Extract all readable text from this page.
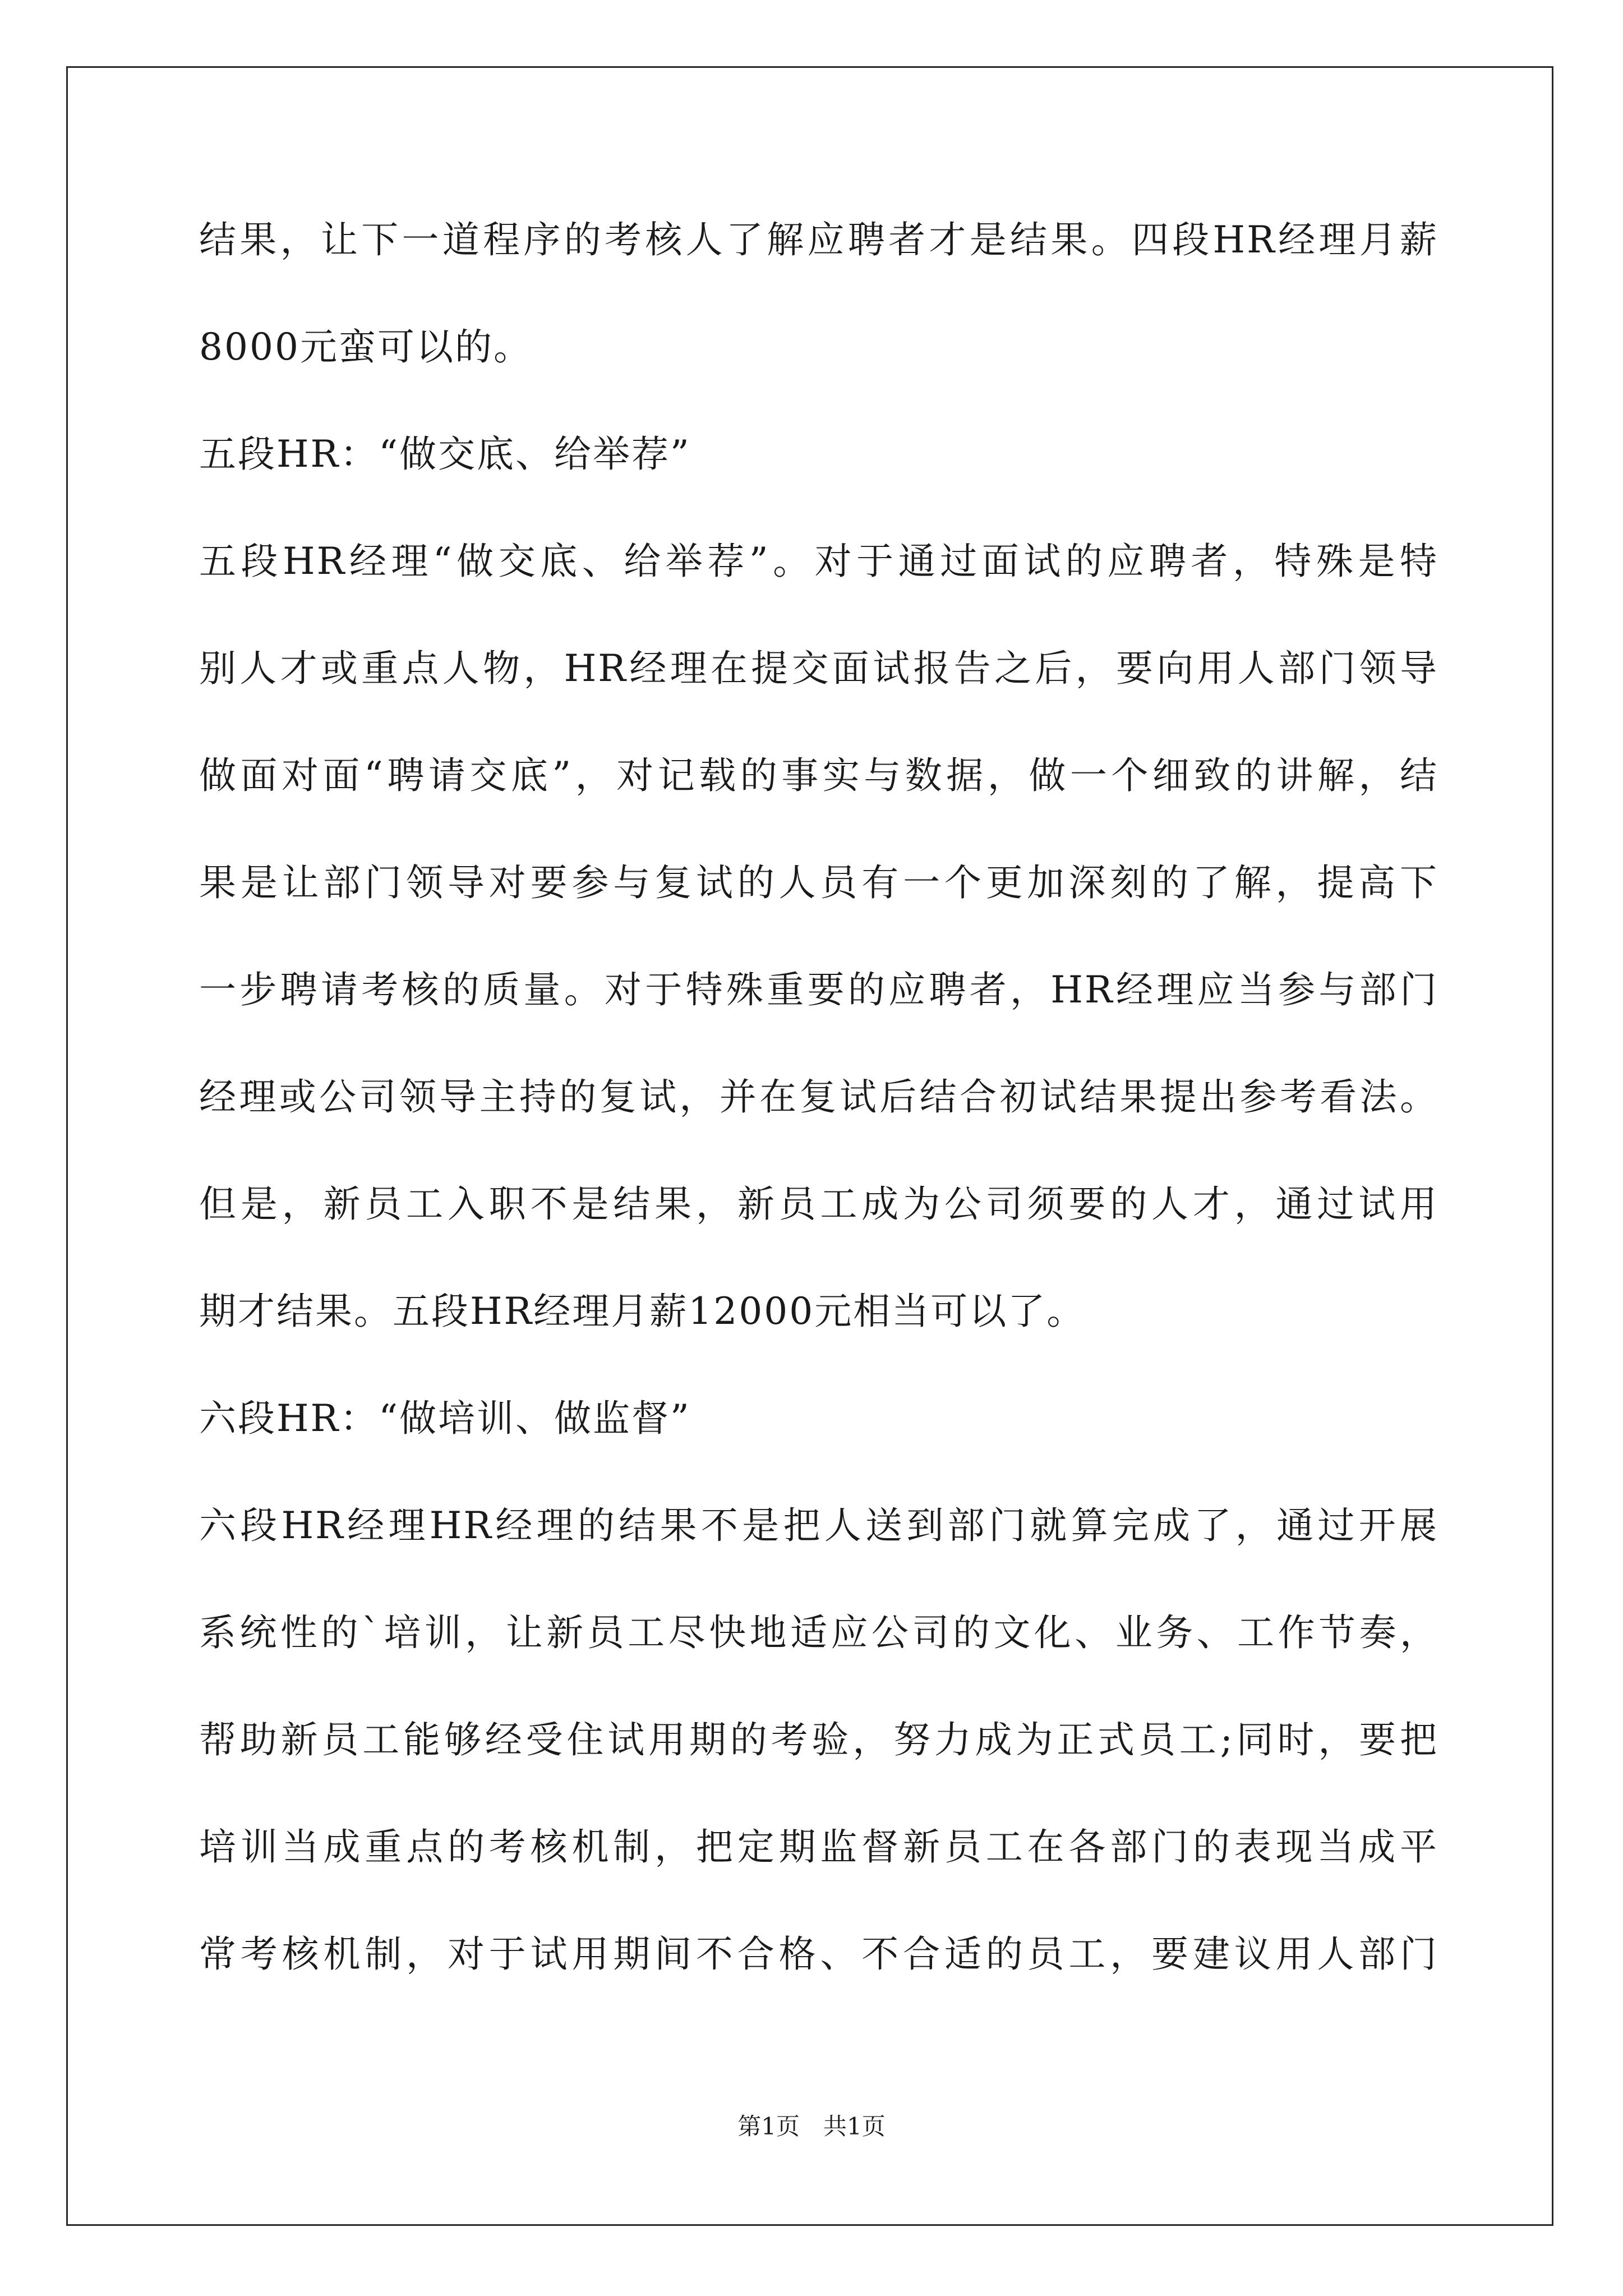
结果，让下一道程序的考核人了解应聘者才是结果。四段HR经理月薪
8000元蛮可以的。
五段HR：“做交底、给举荐”
五段HR经理“做交底、给举荐”。对于通过面试的应聘者，特殊是特
别人才或重点人物，HR经理在提交面试报告之后，要向用人部门领导
做面对面“聘请交底”，对记载的事实与数据，做一个细致的讲解，结
果是让部门领导对要参与复试的人员有一个更加深刻的了解，提高下
一步聘请考核的质量。对于特殊重要的应聘者，HR经理应当参与部门
经理或公司领导主持的复试，并在复试后结合初试结果提出参考看法。
但是，新员工入职不是结果，新员工成为公司须要的人才，通过试用
期才结果。五段HR经理月薪12000元相当可以了。
六段HR：“做培训、做监督”
六段HR经理HR经理的结果不是把人送到部门就算完成了，通过开展
系统性的`培训，让新员工尽快地适应公司的文化、业务、工作节奏，
帮助新员工能够经受住试用期的考验，努力成为正式员工;同时，要把
培训当成重点的考核机制，把定期监督新员工在各部门的表现当成平
常考核机制，对于试用期间不合格、不合适的员工，要建议用人部门
第1页　共1页
